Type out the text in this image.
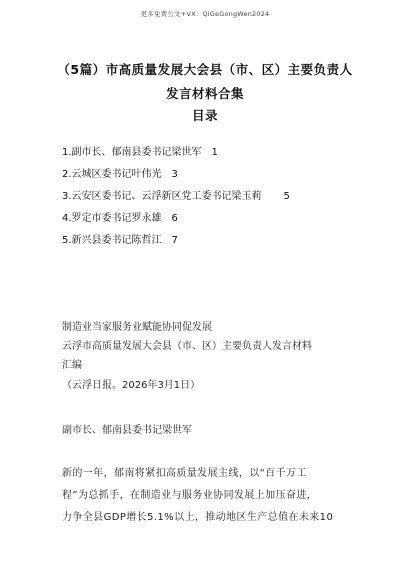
更多免费公文+VX：QiGeGongWen2024
（5篇）市高质量发展大会县（市、区）主要负责人
发言材料合集
目录
1.副市长、郁南县委书记梁世军 1
2.云城区委书记叶伟光 3
3.云安区委书记、云浮新区党工委书记梁玉莉 5
4.罗定市委书记罗永雄 6
5.新兴县委书记陈哲江 7
制造业当家服务业赋能协同促发展
云浮市高质量发展大会县（市、区）主要负责人发言材料
汇编
（云浮日报。2026年3月1日）
副市长、郁南县委书记梁世军
新的一年，郁南将紧扣高质量发展主线，以“百千万工
程”为总抓手，在制造业与服务业协同发展上加压奋进，
力争全县GDP增长5.1%以上，推动地区生产总值在未来10
